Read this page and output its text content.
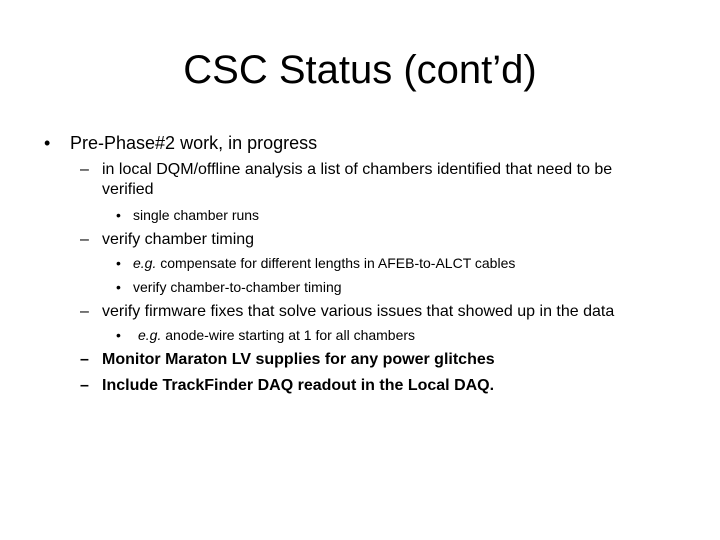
CSC Status (cont’d)
• Pre-Phase#2 work, in progress
– in local DQM/offline analysis a list of chambers identified that need to be
verified
• single chamber runs
– verify chamber timing
• e.g. compensate for different lengths in AFEB-to-ALCT cables
• verify chamber-to-chamber timing
– verify firmware fixes that solve various issues that showed up in the data
• e.g. anode-wire starting at 1 for all chambers
– Monitor Maraton LV supplies for any power glitches
– Include TrackFinder DAQ readout in the Local DAQ.
